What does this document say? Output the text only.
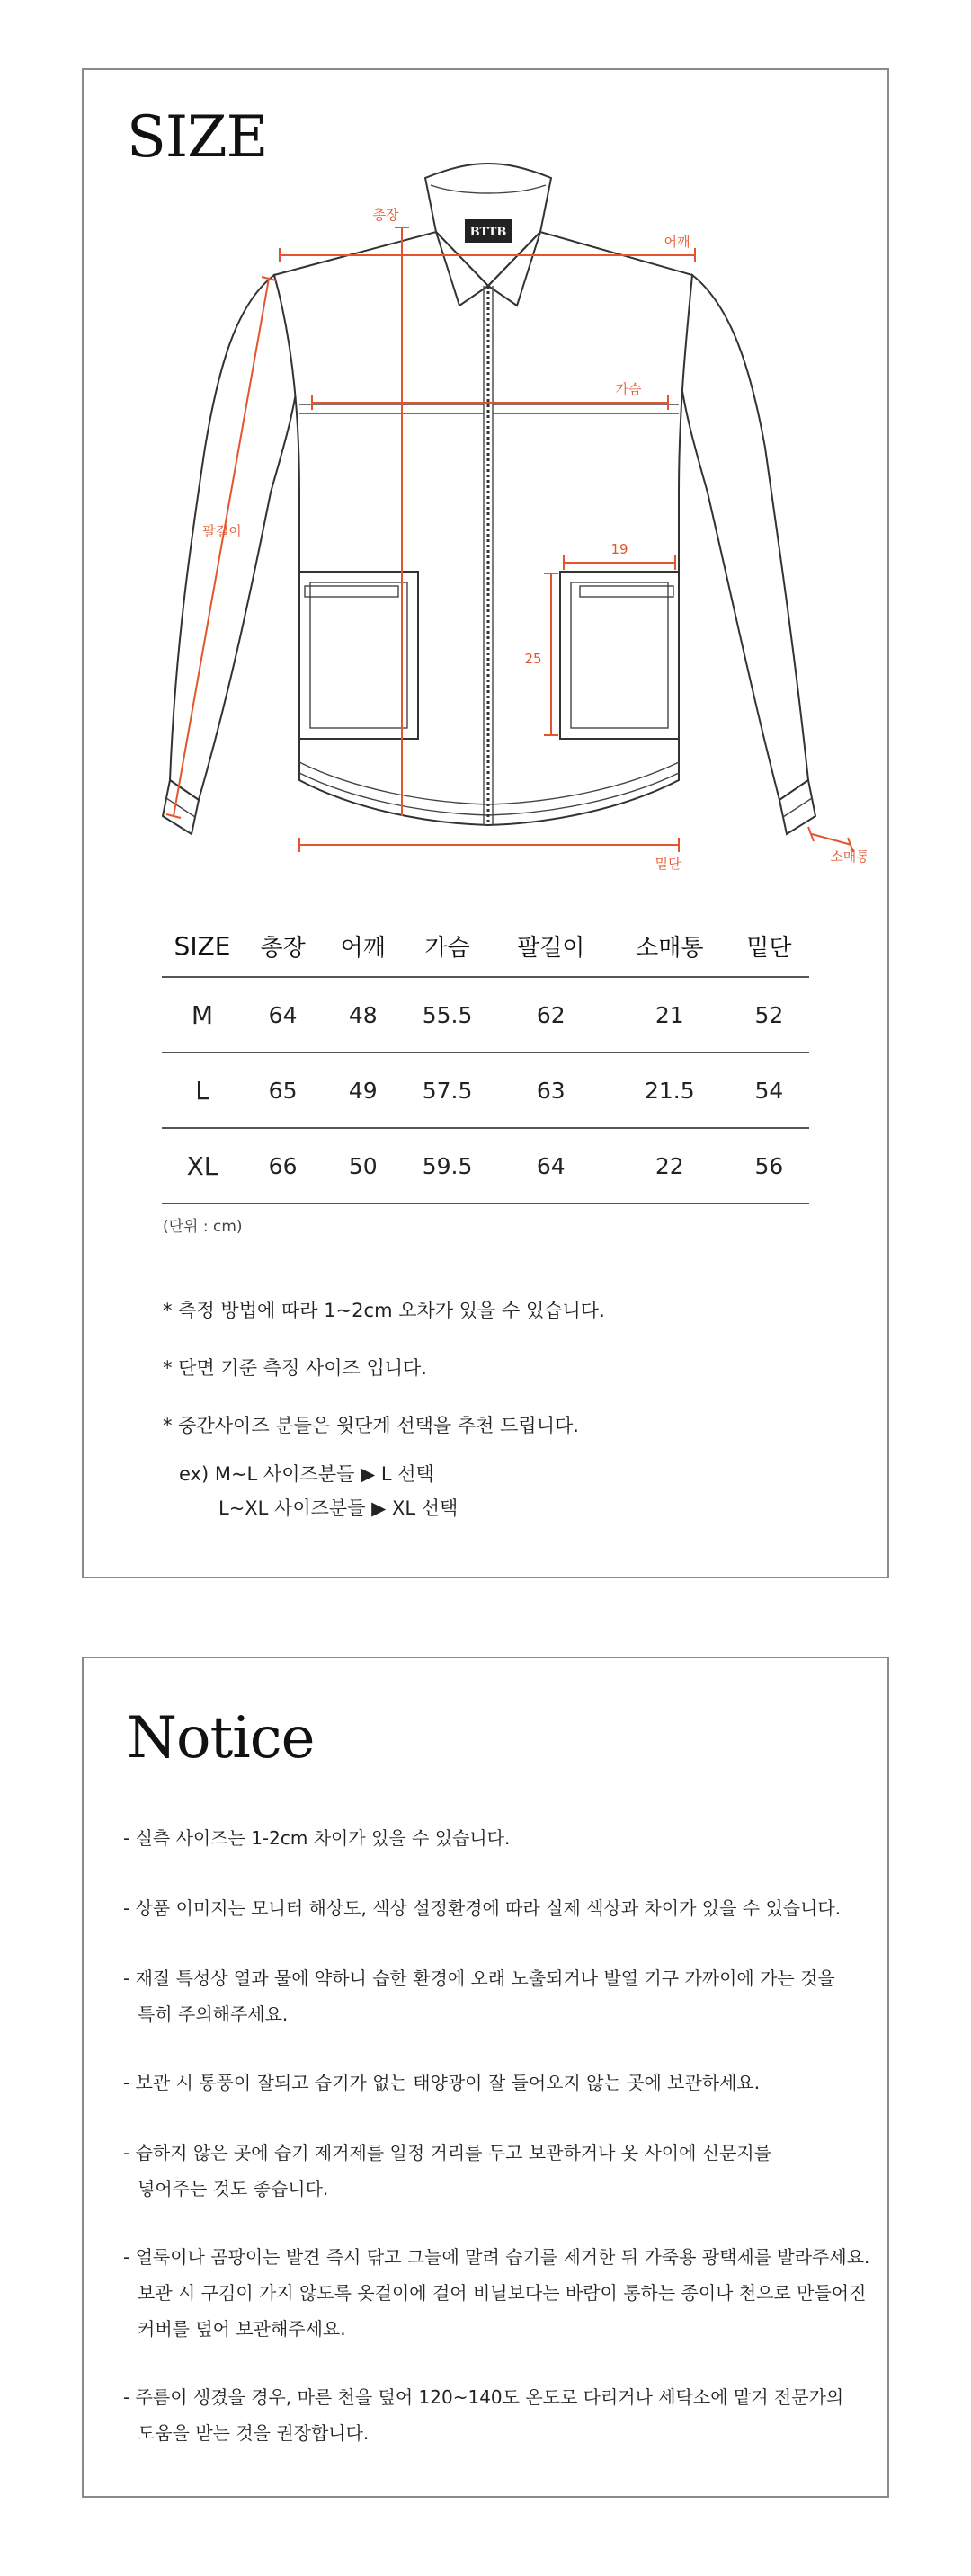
SIZE
BTTB
총장
어깨
가슴
팔길이
밑단	소매통
19
25
SIZE	총장	어깨	가슴	팔길이	소매통	밑단
M	64	48	55.5	62	21	52
L	65	49	57.5	63	21.5	54
XL	66	50	59.5	64	22	56
(단위 : cm)
* 측정 방법에 따라 1~2cm 오차가 있을 수 있습니다.
* 단면 기준 측정 사이즈 입니다.
* 중간사이즈 분들은 윗단계 선택을 추천 드립니다.
ex) M~L 사이즈분들 ▶ L 선택
L~XL 사이즈분들 ▶ XL 선택
Notice
- 실측 사이즈는 1-2cm 차이가 있을 수 있습니다.
- 상품 이미지는 모니터 해상도, 색상 설정환경에 따라 실제 색상과 차이가 있을 수 있습니다.
- 재질 특성상 열과 물에 약하니 습한 환경에 오래 노출되거나 발열 기구 가까이에 가는 것을
특히 주의해주세요.
- 보관 시 통풍이 잘되고 습기가 없는 태양광이 잘 들어오지 않는 곳에 보관하세요.
- 습하지 않은 곳에 습기 제거제를 일정 거리를 두고 보관하거나 옷 사이에 신문지를
넣어주는 것도 좋습니다.
- 얼룩이나 곰팡이는 발견 즉시 닦고 그늘에 말려 습기를 제거한 뒤 가죽용 광택제를 발라주세요.
보관 시 구김이 가지 않도록 옷걸이에 걸어 비닐보다는 바람이 통하는 종이나 천으로 만들어진
커버를 덮어 보관해주세요.
- 주름이 생겼을 경우, 마른 천을 덮어 120~140도 온도로 다리거나 세탁소에 맡겨 전문가의
도움을 받는 것을 권장합니다.
